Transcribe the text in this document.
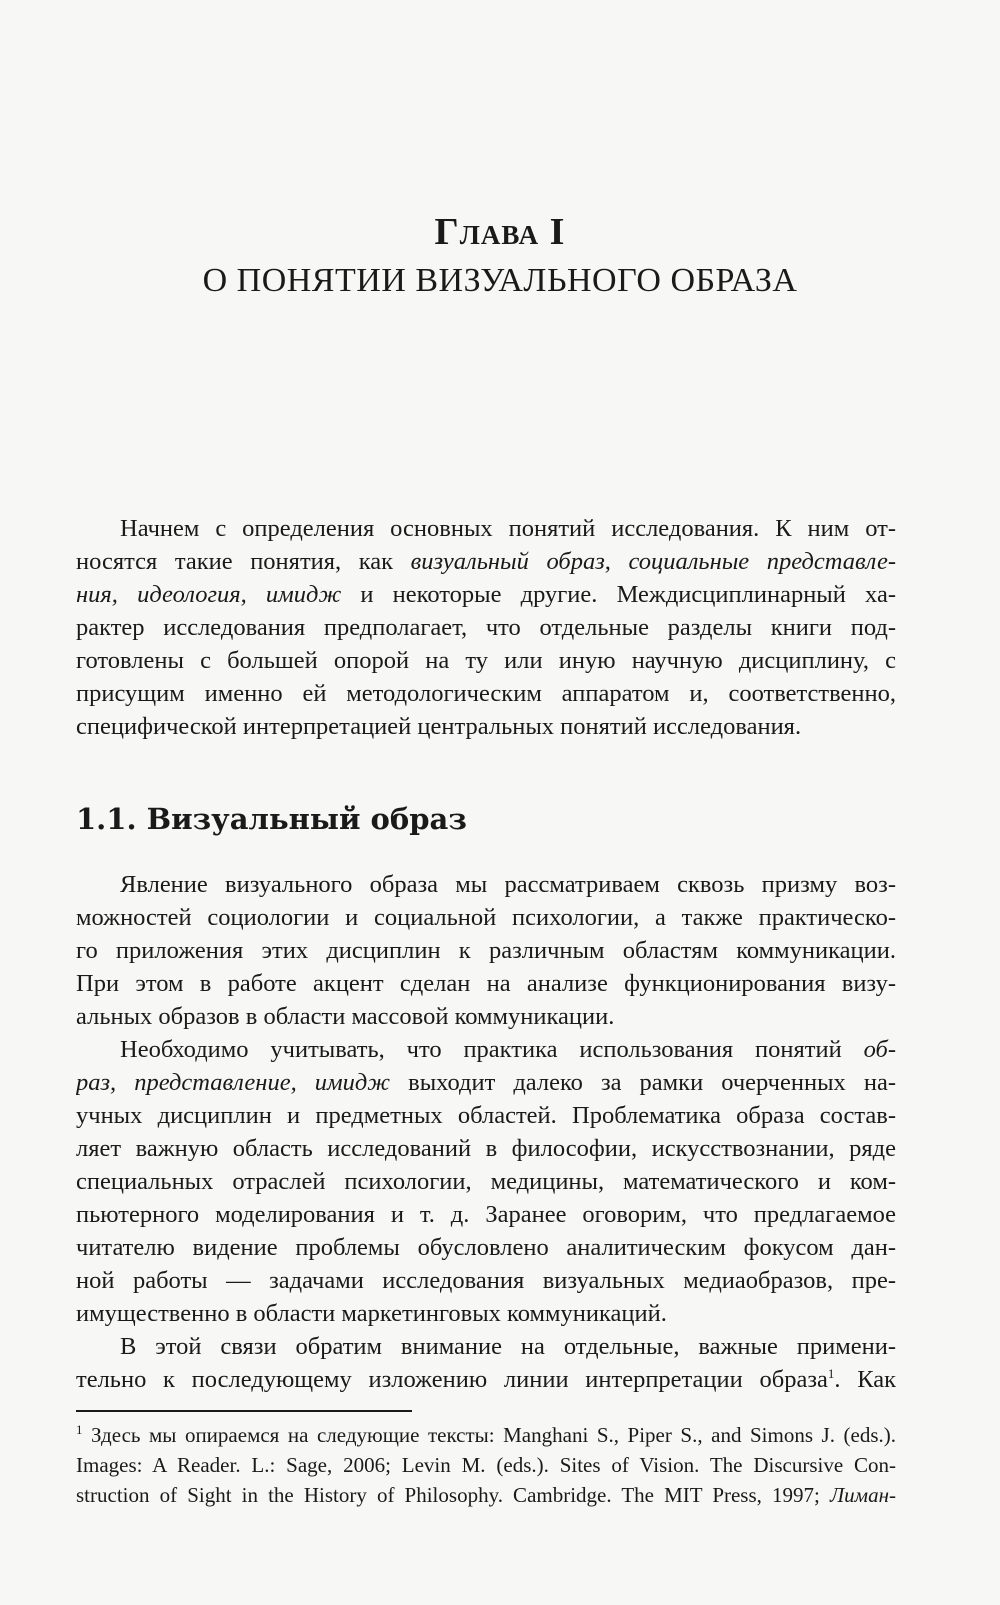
Глава I
О ПОНЯТИИ ВИЗУАЛЬНОГО ОБРАЗА
Начнем с определения основных понятий исследования. К ним от-
носятся такие понятия, как визуальный образ, социальные представле-
ния, идеология, имидж и некоторые другие. Междисциплинарный ха-
рактер исследования предполагает, что отдельные разделы книги под-
готовлены с большей опорой на ту или иную научную дисциплину, с
присущим именно ей методологическим аппаратом и, соответственно,
специфической интерпретацией центральных понятий исследования.
1.1. Визуальный образ
Явление визуального образа мы рассматриваем сквозь призму воз-
можностей социологии и социальной психологии, а также практическо-
го приложения этих дисциплин к различным областям коммуникации.
При этом в работе акцент сделан на анализе функционирования визу-
альных образов в области массовой коммуникации.
Необходимо учитывать, что практика использования понятий об-
раз, представление, имидж выходит далеко за рамки очерченных на-
учных дисциплин и предметных областей. Проблематика образа состав-
ляет важную область исследований в философии, искусствознании, ряде
специальных отраслей психологии, медицины, математического и ком-
пьютерного моделирования и т. д. Заранее оговорим, что предлагаемое
читателю видение проблемы обусловлено аналитическим фокусом дан-
ной работы — задачами исследования визуальных медиаобразов, пре-
имущественно в области маркетинговых коммуникаций.
В этой связи обратим внимание на отдельные, важные примени-
тельно к последующему изложению линии интерпретации образа$^1$. Как
$^1$ Здесь мы опираемся на следующие тексты: Manghani S., Piper S., and Simons J. (eds.).
Images: A Reader. L.: Sage, 2006; Levin M. (eds.). Sites of Vision. The Discursive Con-
struction of Sight in the History of Philosophy. Cambridge. The MIT Press, 1997; Лиман-
